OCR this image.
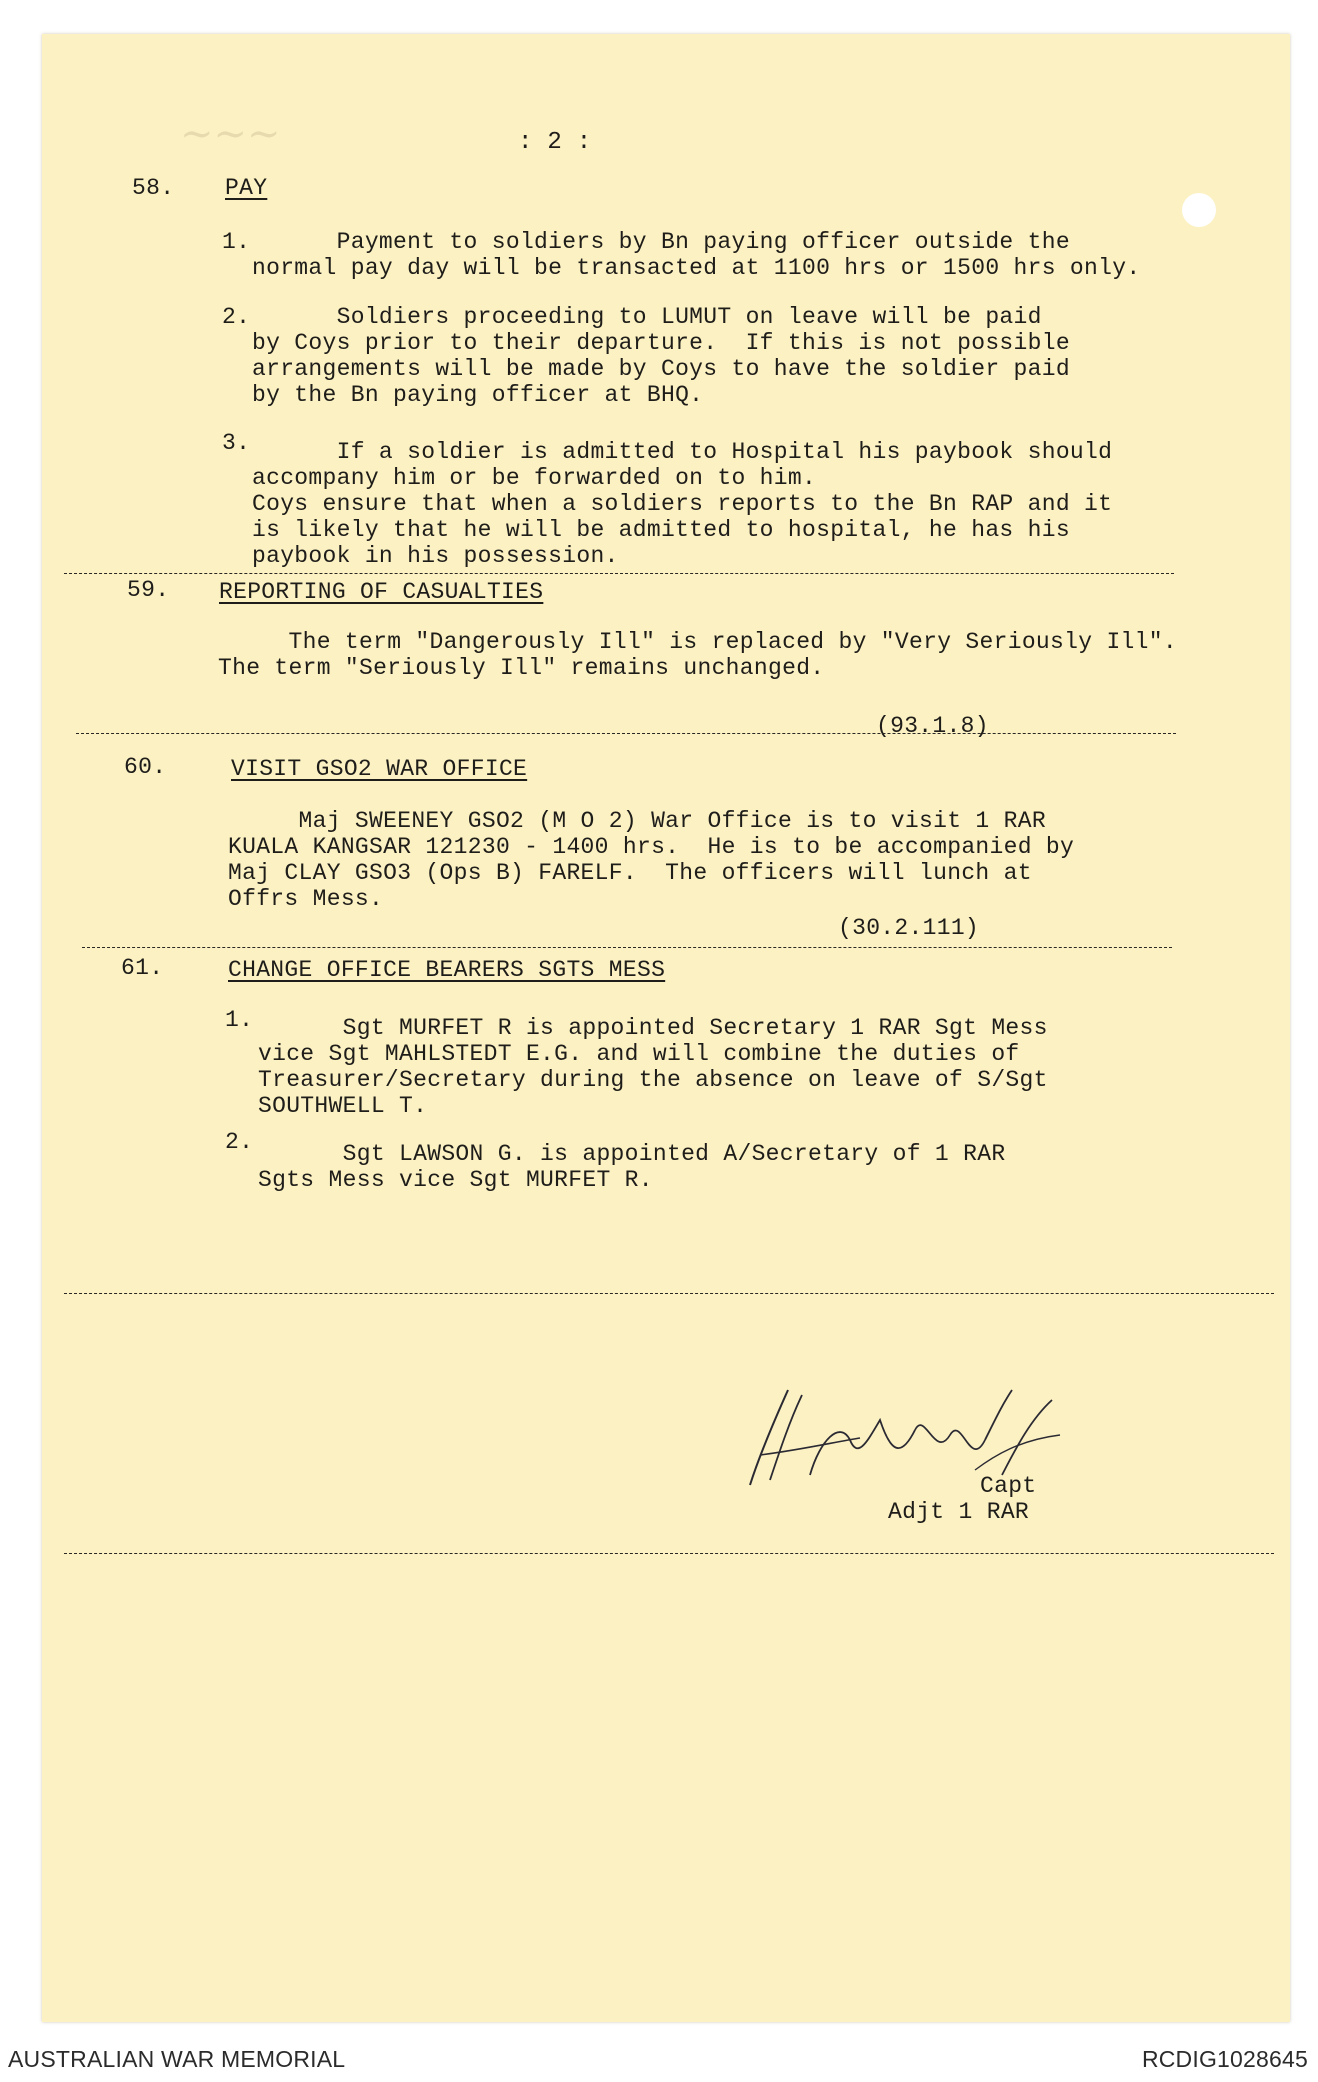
∼∼∼	: 2 :
58. PAY
1. Payment to soldiers by Bn paying officer outside the
normal pay day will be transacted at 1100 hrs or 1500 hrs only.
2. Soldiers proceeding to LUMUT on leave will be paid
by Coys prior to their departure.  If this is not possible
arrangements will be made by Coys to have the soldier paid
by the Bn paying officer at BHQ.
3. If a soldier is admitted to Hospital his paybook should
accompany him or be forwarded on to him.
Coys ensure that when a soldiers reports to the Bn RAP and it
is likely that he will be admitted to hospital, he has his
paybook in his possession.
59. REPORTING OF CASUALTIES
The term "Dangerously Ill" is replaced by "Very Seriously Ill".
The term "Seriously Ill" remains unchanged.
(93.1.8)
60.	VISIT GSO2 WAR OFFICE
Maj SWEENEY GSO2 (M O 2) War Office is to visit 1 RAR
KUALA KANGSAR 121230 - 1400 hrs.  He is to be accompanied by
Maj CLAY GSO3 (Ops B) FARELF.  The officers will lunch at
Offrs Mess.
(30.2.111)
61.	CHANGE OFFICE BEARERS SGTS MESS
1. Sgt MURFET R is appointed Secretary 1 RAR Sgt Mess
vice Sgt MAHLSTEDT E.G. and will combine the duties of
Treasurer/Secretary during the absence on leave of S/Sgt
SOUTHWELL T.
2. Sgt LAWSON G. is appointed A/Secretary of 1 RAR
Sgts Mess vice Sgt MURFET R.
Capt
Adjt 1 RAR
AUSTRALIAN WAR MEMORIAL	RCDIG1028645
